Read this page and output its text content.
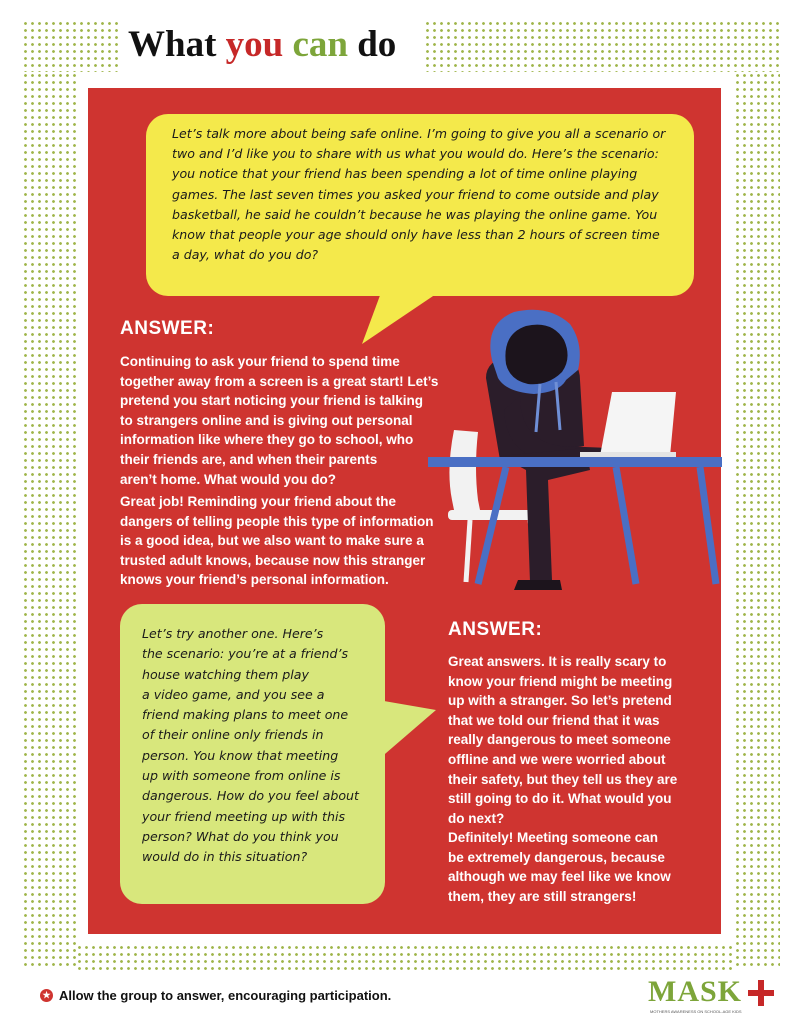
What you can do
Let’s talk more about being safe online. I’m going to give you all a scenario or
two and I’d like you to share with us what you would do. Here’s the scenario:
you notice that your friend has been spending a lot of time online playing
games. The last seven times you asked your friend to come outside and play
basketball, he said he couldn’t because he was playing the online game. You
know that people your age should only have less than 2 hours of screen time
a day, what do you do?
ANSWER:
Continuing to ask your friend to spend time
together away from a screen is a great start! Let’s
pretend you start noticing your friend is talking
to strangers online and is giving out personal
information like where they go to school, who
their friends are, and when their parents
aren’t home. What would you do?
Great job! Reminding your friend about the
dangers of telling people this type of information
is a good idea, but we also want to make sure a
trusted adult knows, because now this stranger
knows your friend’s personal information.
Let’s try another one. Here’s
the scenario: you’re at a friend’s
house watching them play
a video game, and you see a
friend making plans to meet one
of their online only friends in
person. You know that meeting
up with someone from online is
dangerous. How do you feel about
your friend meeting up with this
person? What do you think you
would do in this situation?
ANSWER:
Great answers. It is really scary to
know your friend might be meeting
up with a stranger. So let’s pretend
that we told our friend that it was
really dangerous to meet someone
offline and we were worried about
their safety, but they tell us they are
still going to do it. What would you
do next?
Definitely! Meeting someone can
be extremely dangerous, because
although we may feel like we know
them, they are still strangers!
★ Allow the group to answer, encouraging participation.	MASK
MOTHERS AWARENESS ON SCHOOL-AGE KIDS
